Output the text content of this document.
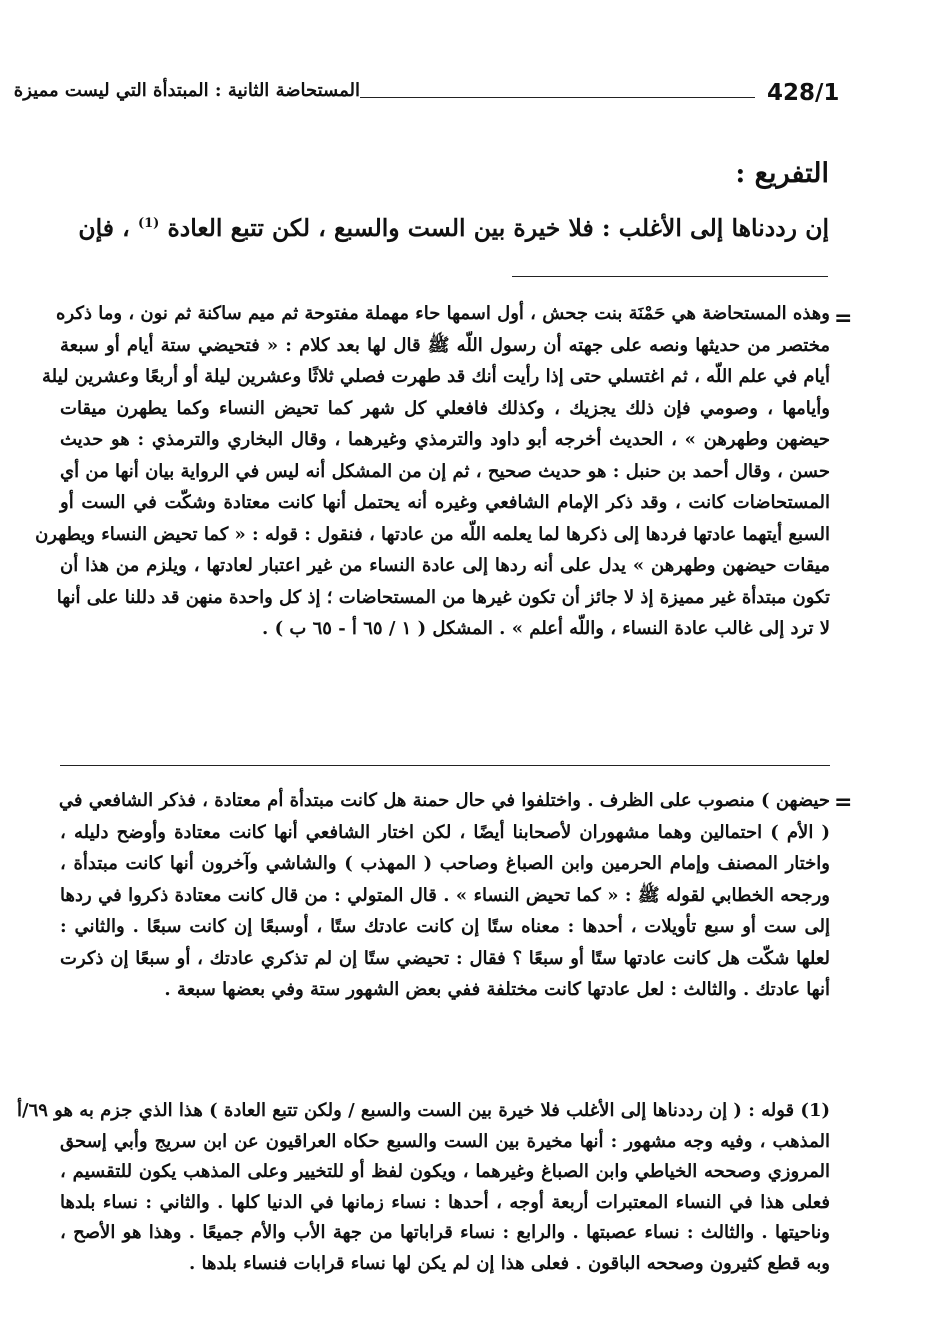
428/1
المستحاضة الثانية : المبتدأة التي ليست مميزة
التفريع :
إن رددناها إلى الأغلب : فلا خيرة بين الست والسبع ، لكن تتبع العادة $^{(1)}$ ، فإن
=
وهذه المستحاضة هي حَمْنَة بنت جحش ، أول اسمها حاء مهملة مفتوحة ثم ميم ساكنة ثم نون ، وما ذكره
مختصر من حديثها ونصه على جهته أن رسول اللّه ﷺ قال لها بعد كلام : « فتحيضي ستة أيام أو سبعة
أيام في علم اللّه ، ثم اغتسلي حتى إذا رأيت أنك قد طهرت فصلي ثلاثًا وعشرين ليلة أو أربعًا وعشرين ليلة
وأيامها ، وصومي فإن ذلك يجزيك ، وكذلك فافعلي كل شهر كما تحيض النساء وكما يطهرن ميقات
حيضهن وطهرهن » ، الحديث أخرجه أبو داود والترمذي وغيرهما ، وقال البخاري والترمذي : هو حديث
حسن ، وقال أحمد بن حنبل : هو حديث صحيح ، ثم إن من المشكل أنه ليس في الرواية بيان أنها من أي
المستحاضات كانت ، وقد ذكر الإمام الشافعي وغيره أنه يحتمل أنها كانت معتادة وشكّت في الست أو
السبع أيتهما عادتها فردها إلى ذكرها لما يعلمه اللّه من عادتها ، فنقول : قوله : « كما تحيض النساء ويطهرن
ميقات حيضهن وطهرهن » يدل على أنه ردها إلى عادة النساء من غير اعتبار لعادتها ، ويلزم من هذا أن
تكون مبتدأة غير مميزة إذ لا جائز أن تكون غيرها من المستحاضات ؛ إذ كل واحدة منهن قد دللنا على أنها
لا ترد إلى غالب عادة النساء ، واللّه أعلم » . المشكل ( ١ / ٦٥ أ - ٦٥ ب ) .
=
حيضهن ) منصوب على الظرف . واختلفوا في حال حمنة هل كانت مبتدأة أم معتادة ، فذكر الشافعي في
( الأم ) احتمالين وهما مشهوران لأصحابنا أيضًا ، لكن اختار الشافعي أنها كانت معتادة وأوضح دليله ،
واختار المصنف وإمام الحرمين وابن الصباغ وصاحب ( المهذب ) والشاشي وآخرون أنها كانت مبتدأة ،
ورجحه الخطابي لقوله ﷺ : « كما تحيض النساء » . قال المتولي : من قال كانت معتادة ذكروا في ردها
إلى ست أو سبع تأويلات ، أحدها : معناه ستًا إن كانت عادتك ستًا ، أوسبعًا إن كانت سبعًا . والثاني :
لعلها شكّت هل كانت عادتها ستًا أو سبعًا ؟ فقال : تحيضي ستًا إن لم تذكري عادتك ، أو سبعًا إن ذكرت
أنها عادتك . والثالث : لعل عادتها كانت مختلفة ففي بعض الشهور ستة وفي بعضها سبعة .
(1) قوله : ( إن رددناها إلى الأغلب فلا خيرة بين الست والسبع / ولكن تتبع العادة ) هذا الذي جزم به هو ٦٩/أ
المذهب ، وفيه وجه مشهور : أنها مخيرة بين الست والسبع حكاه العراقيون عن ابن سريج وأبي إسحق
المروزي وصححه الخياطي وابن الصباغ وغيرهما ، ويكون لفظ أو للتخيير وعلى المذهب يكون للتقسيم ،
فعلى هذا في النساء المعتبرات أربعة أوجه ، أحدها : نساء زمانها في الدنيا كلها . والثاني : نساء بلدها
وناحيتها . والثالث : نساء عصبتها . والرابع : نساء قراباتها من جهة الأب والأم جميعًا . وهذا هو الأصح ،
وبه قطع كثيرون وصححه الباقون . فعلى هذا إن لم يكن لها نساء قرابات فنساء بلدها .
